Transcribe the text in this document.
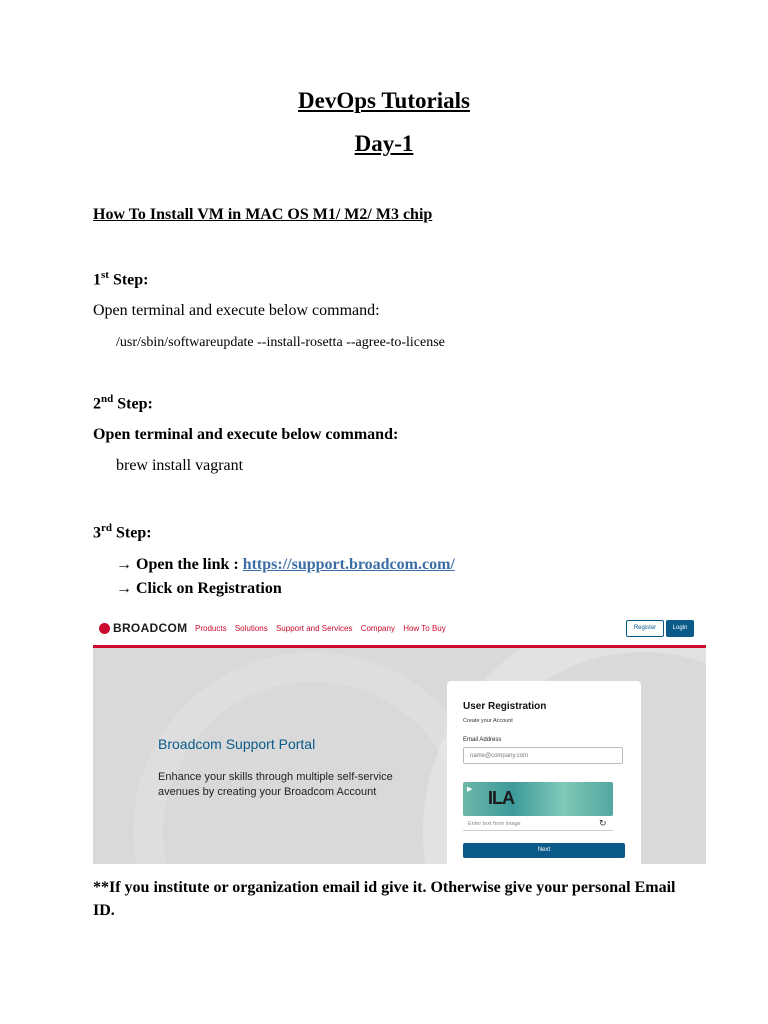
DevOps Tutorials
Day-1
How To Install VM in MAC OS M1/ M2/ M3 chip
1st Step:
Open terminal and execute below command:
/usr/sbin/softwareupdate --install-rosetta --agree-to-license
2nd Step:
Open terminal and execute below command:
brew install vagrant
3rd Step:
→ Open the link : https://support.broadcom.com/
→ Click on Registration
BROADCOM Products Solutions Support and Services Company How To Buy	Register	Login
Broadcom Support Portal
Enhance your skills through multiple self-service avenues by creating your Broadcom Account
User Registration
Create your Account
Email Address
name@company.com
▶ ILA
Enter text from image	↻
Next
**If you institute or organization email id give it. Otherwise give your personal Email ID.
